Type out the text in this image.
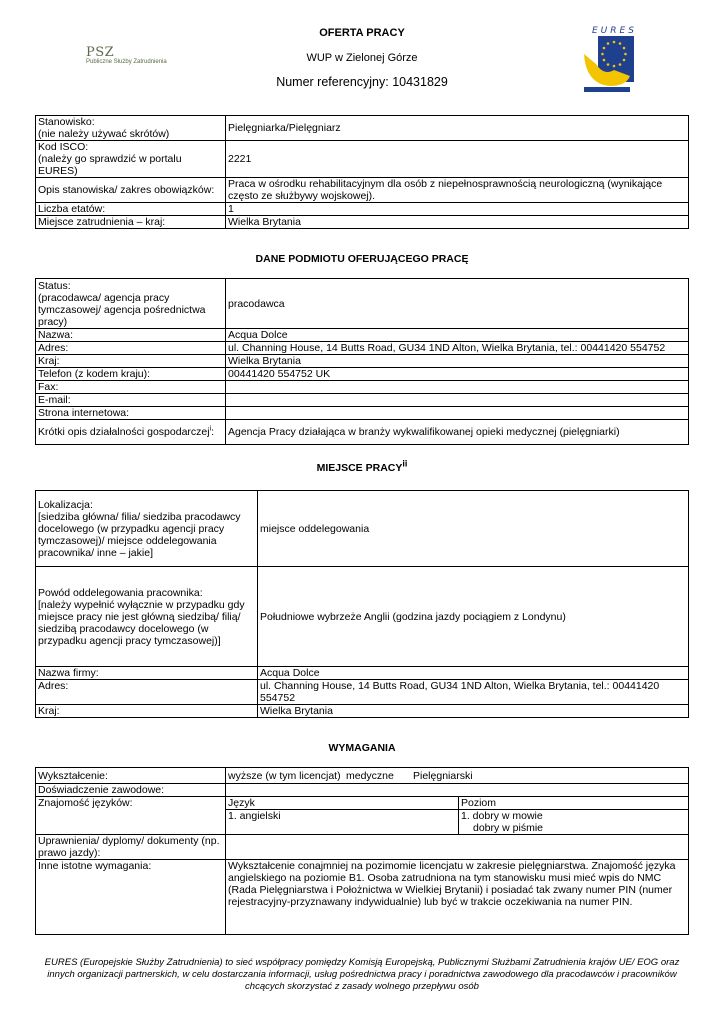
OFERTA PRACY
WUP w Zielonej Górze
Numer referencyjny: 10431829
PSZ
Publiczne Służby Zatrudnienia
EURES
Stanowisko:
(nie należy używać skrótów)	Pielęgniarka/Pielęgniarz
Kod ISCO:
(należy go sprawdzić w portalu EURES)	2221
Opis stanowiska/ zakres obowiązków:	Praca w ośrodku rehabilitacyjnym dla osób z niepełnosprawnością neurologiczną (wynikające często ze służbywy wojskowej).
Liczba etatów:	1
Miejsce zatrudnienia – kraj:	Wielka Brytania
DANE PODMIOTU OFERUJĄCEGO PRACĘ
Status:
(pracodawca/ agencja pracy tymczasowej/ agencja pośrednictwa pracy)	pracodawca
Nazwa:	Acqua Dolce
Adres:	ul. Channing House, 14 Butts Road, GU34 1ND Alton, Wielka Brytania, tel.: 00441420 554752
Kraj:	Wielka Brytania
Telefon (z kodem kraju):	00441420 554752 UK
Fax:	
E-mail:	
Strona internetowa:	
Krótki opis działalności gospodarczej$^i$:	Agencja Pracy działająca w branży wykwalifikowanej opieki medycznej (pielęgniarki)
MIEJSCE PRACYii
Lokalizacja:
[siedziba główna/ filia/ siedziba pracodawcy docelowego (w przypadku agencji pracy tymczasowej)/ miejsce oddelegowania pracownika/ inne – jakie]	miejsce oddelegowania
Powód oddelegowania pracownika:
[należy wypełnić wyłącznie w przypadku gdy miejsce pracy nie jest główną siedzibą/ filią/ siedzibą pracodawcy docelowego (w przypadku agencji pracy tymczasowej)]	Południowe wybrzeże Anglii (godzina jazdy pociągiem z Londynu)
Nazwa firmy:	Acqua Dolce
Adres:	ul. Channing House, 14 Butts Road, GU34 1ND Alton, Wielka Brytania, tel.: 00441420 554752
Kraj:	Wielka Brytania
WYMAGANIA
Wykształcenie:	wyższe (w tym licencjat) medyczne Pielęgniarski	
Doświadczenie zawodowe:		
Znajomość języków:	Język	Poziom
	1. angielski	1. dobry w mowie
dobry w piśmie

Uprawnienia/ dyplomy/ dokumenty (np. prawo jazdy):		
Inne istotne wymagania:	Wykształcenie conajmniej na pozimomie licencjatu w zakresie pielęgniarstwa. Znajomość języka angielskiego na poziomie B1. Osoba zatrudniona na tym stanowisku musi mieć wpis do NMC (Rada Pielęgniarstwa i Położnictwa w Wielkiej Brytanii) i posiadać tak zwany numer PIN (numer rejestracyjny-przyznawany indywidualnie) lub być w trakcie oczekiwania na numer PIN.	
EURES (Europejskie Służby Zatrudnienia) to sieć współpracy pomiędzy Komisją Europejską, Publicznymi Służbami Zatrudnienia krajów UE/ EOG oraz innych organizacji partnerskich, w celu dostarczania informacji, usług pośrednictwa pracy i poradnictwa zawodowego dla pracodawców i pracowników chcących skorzystać z zasady wolnego przepływu osób
